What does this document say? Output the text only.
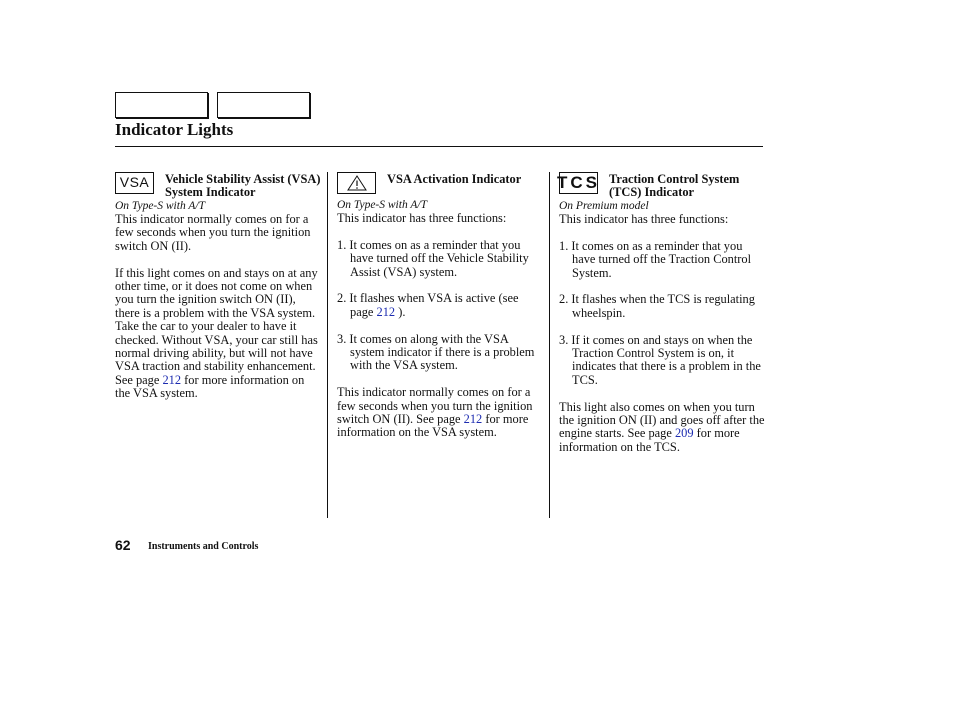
Indicator Lights
VSA	Vehicle Stability Assist (VSA) System Indicator
On Type-S with A/T

This indicator normally comes on for a few seconds when you turn the ignition switch ON (II).

If this light comes on and stays on at any other time, or it does not come on when you turn the ignition switch ON (II), there is a problem with the VSA system. Take the car to your dealer to have it checked. Without VSA, your car still has normal driving ability, but will not have VSA traction and stability enhancement. See page 212 for more information on the VSA system.

VSA Activation Indicator
On Type-S with A/T

This indicator has three functions:

1. It comes on as a reminder that you have turned off the Vehicle Stability Assist (VSA) system.
2. It flashes when VSA is active (see page 212 ).
3. It comes on along with the VSA system indicator if there is a problem with the VSA system.

This indicator normally comes on for a few seconds when you turn the ignition switch ON (II). See page 212 for more information on the VSA system.

TCS Traction Control System (TCS) Indicator
On Premium model

This indicator has three functions:

1. It comes on as a reminder that you have turned off the Traction Control System.
2. It flashes when the TCS is regulating wheelspin.
3. If it comes on and stays on when the Traction Control System is on, it indicates that there is a problem in the TCS.

This light also comes on when you turn the ignition ON (II) and goes off after the engine starts. See page 209 for more information on the TCS.

62 Instruments and Controls
